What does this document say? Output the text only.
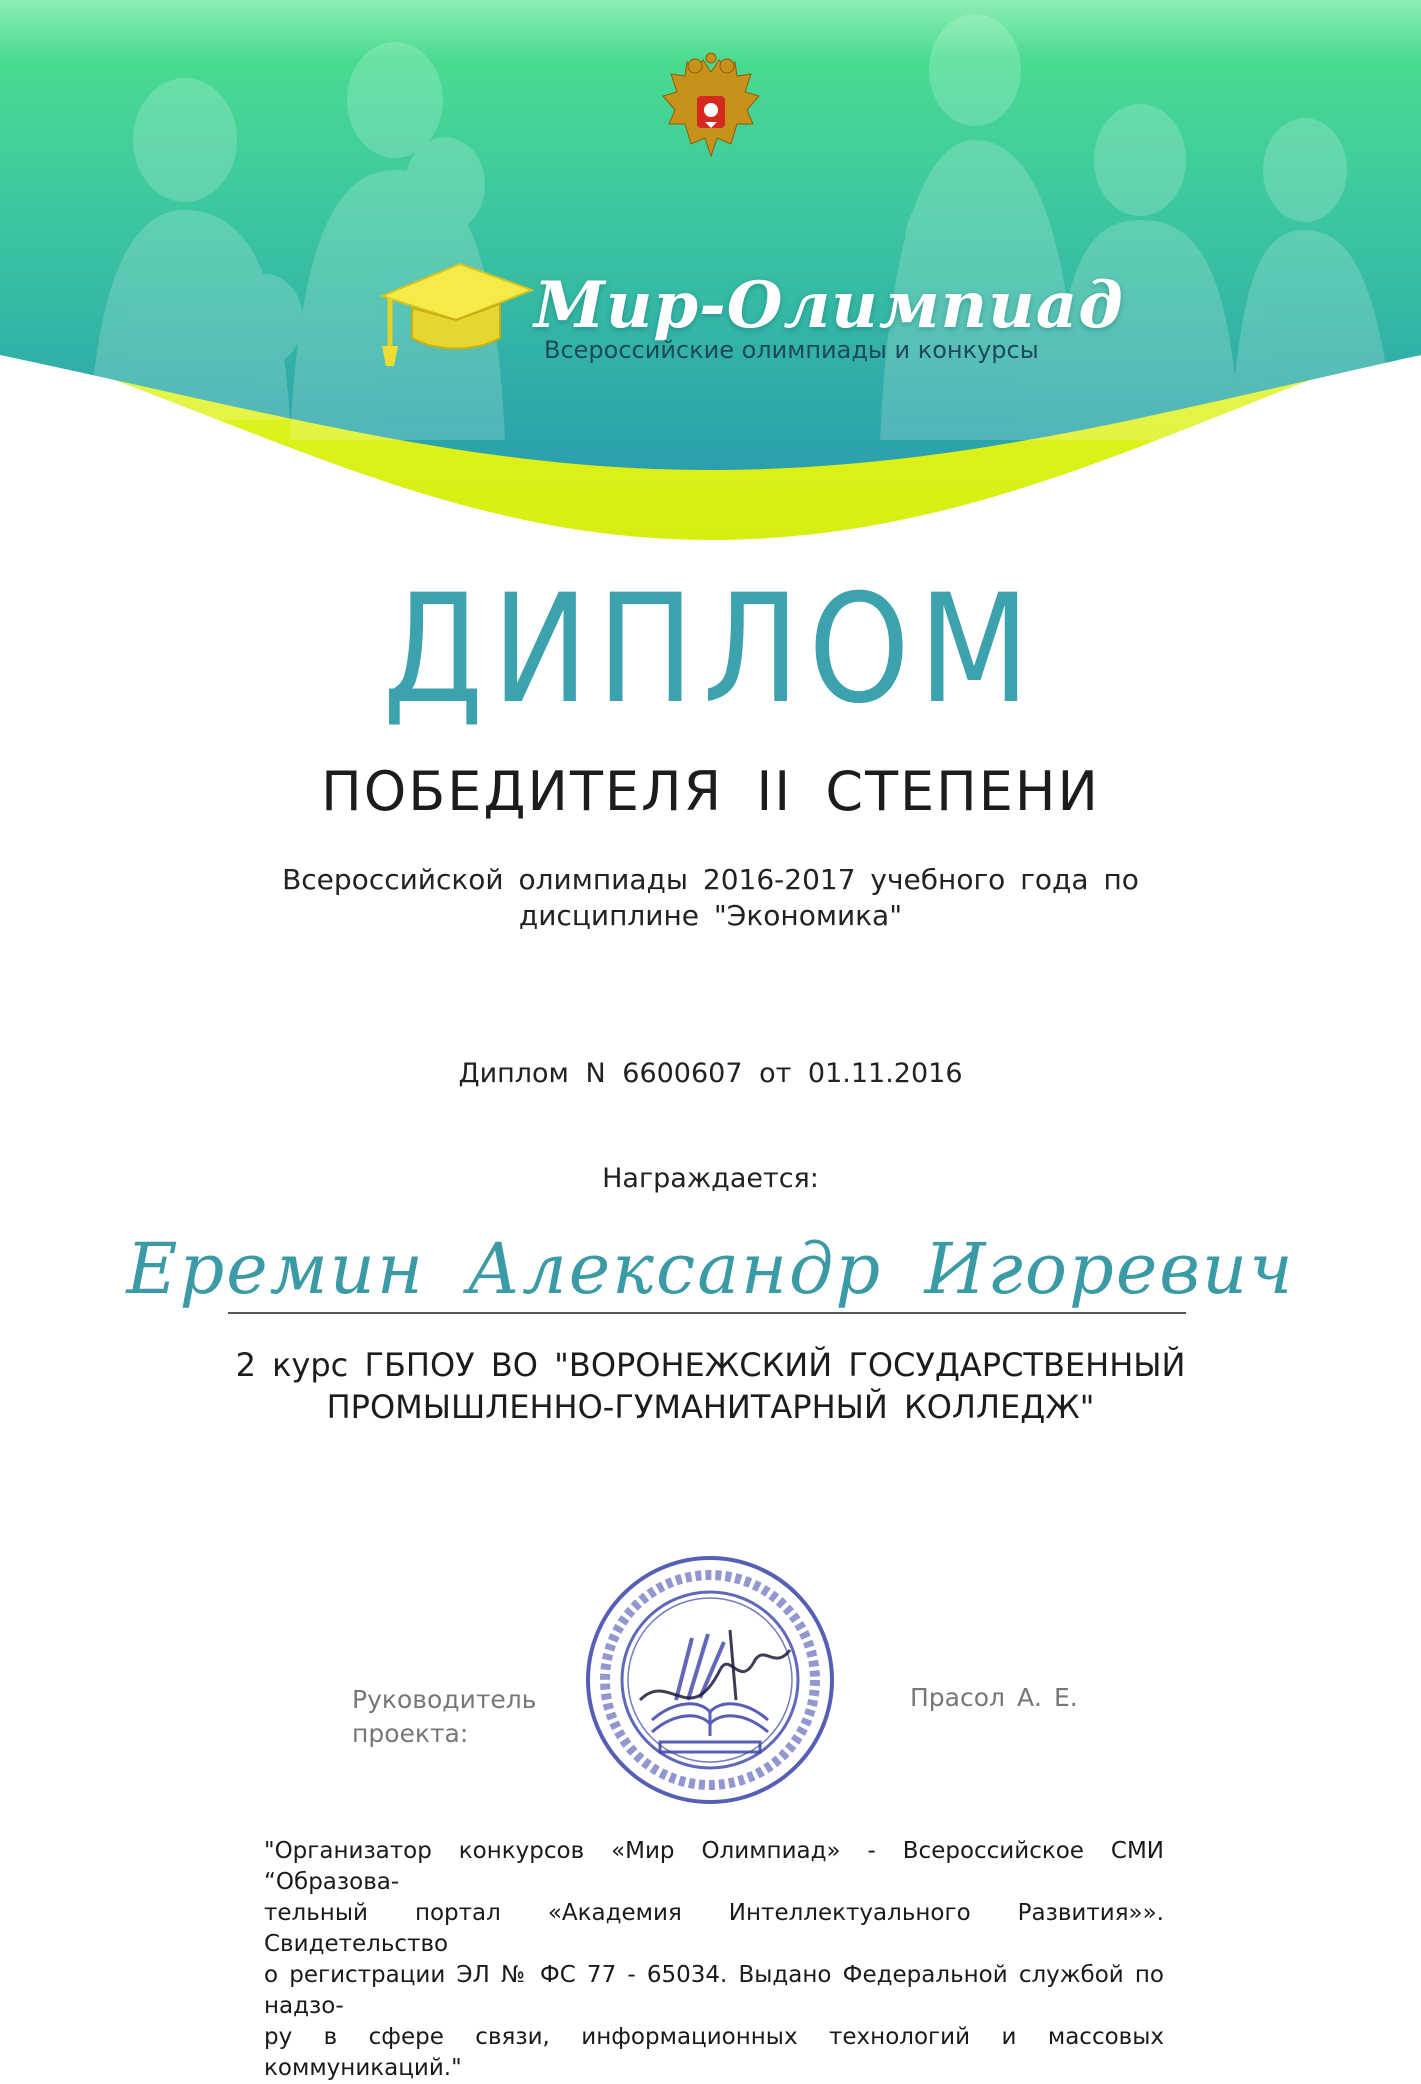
Мир-Олимпиад
Всероссийские олимпиады и конкурсы
ДИПЛОМ
ПОБЕДИТЕЛЯ II СТЕПЕНИ
Всероссийской олимпиады 2016-2017 учебного года по
дисциплине "Экономика"
Диплом N 6600607 от 01.11.2016
Награждается:
Еремин Александр Игоревич
2 курс ГБПОУ ВО "ВОРОНЕЖСКИЙ ГОСУДАРСТВЕННЫЙ
ПРОМЫШЛЕННО-ГУМАНИТАРНЫЙ КОЛЛЕДЖ"
Руководитель
проекта:
Прасол А. Е.
"Организатор конкурсов «Мир Олимпиад» - Всероссийское СМИ “Образова-
тельный портал «Академия Интеллектуального Развития»». Свидетельство
о регистрации ЭЛ № ФС 77 - 65034. Выдано Федеральной службой по надзо-
ру в сфере связи, информационных технологий и массовых коммуникаций."
